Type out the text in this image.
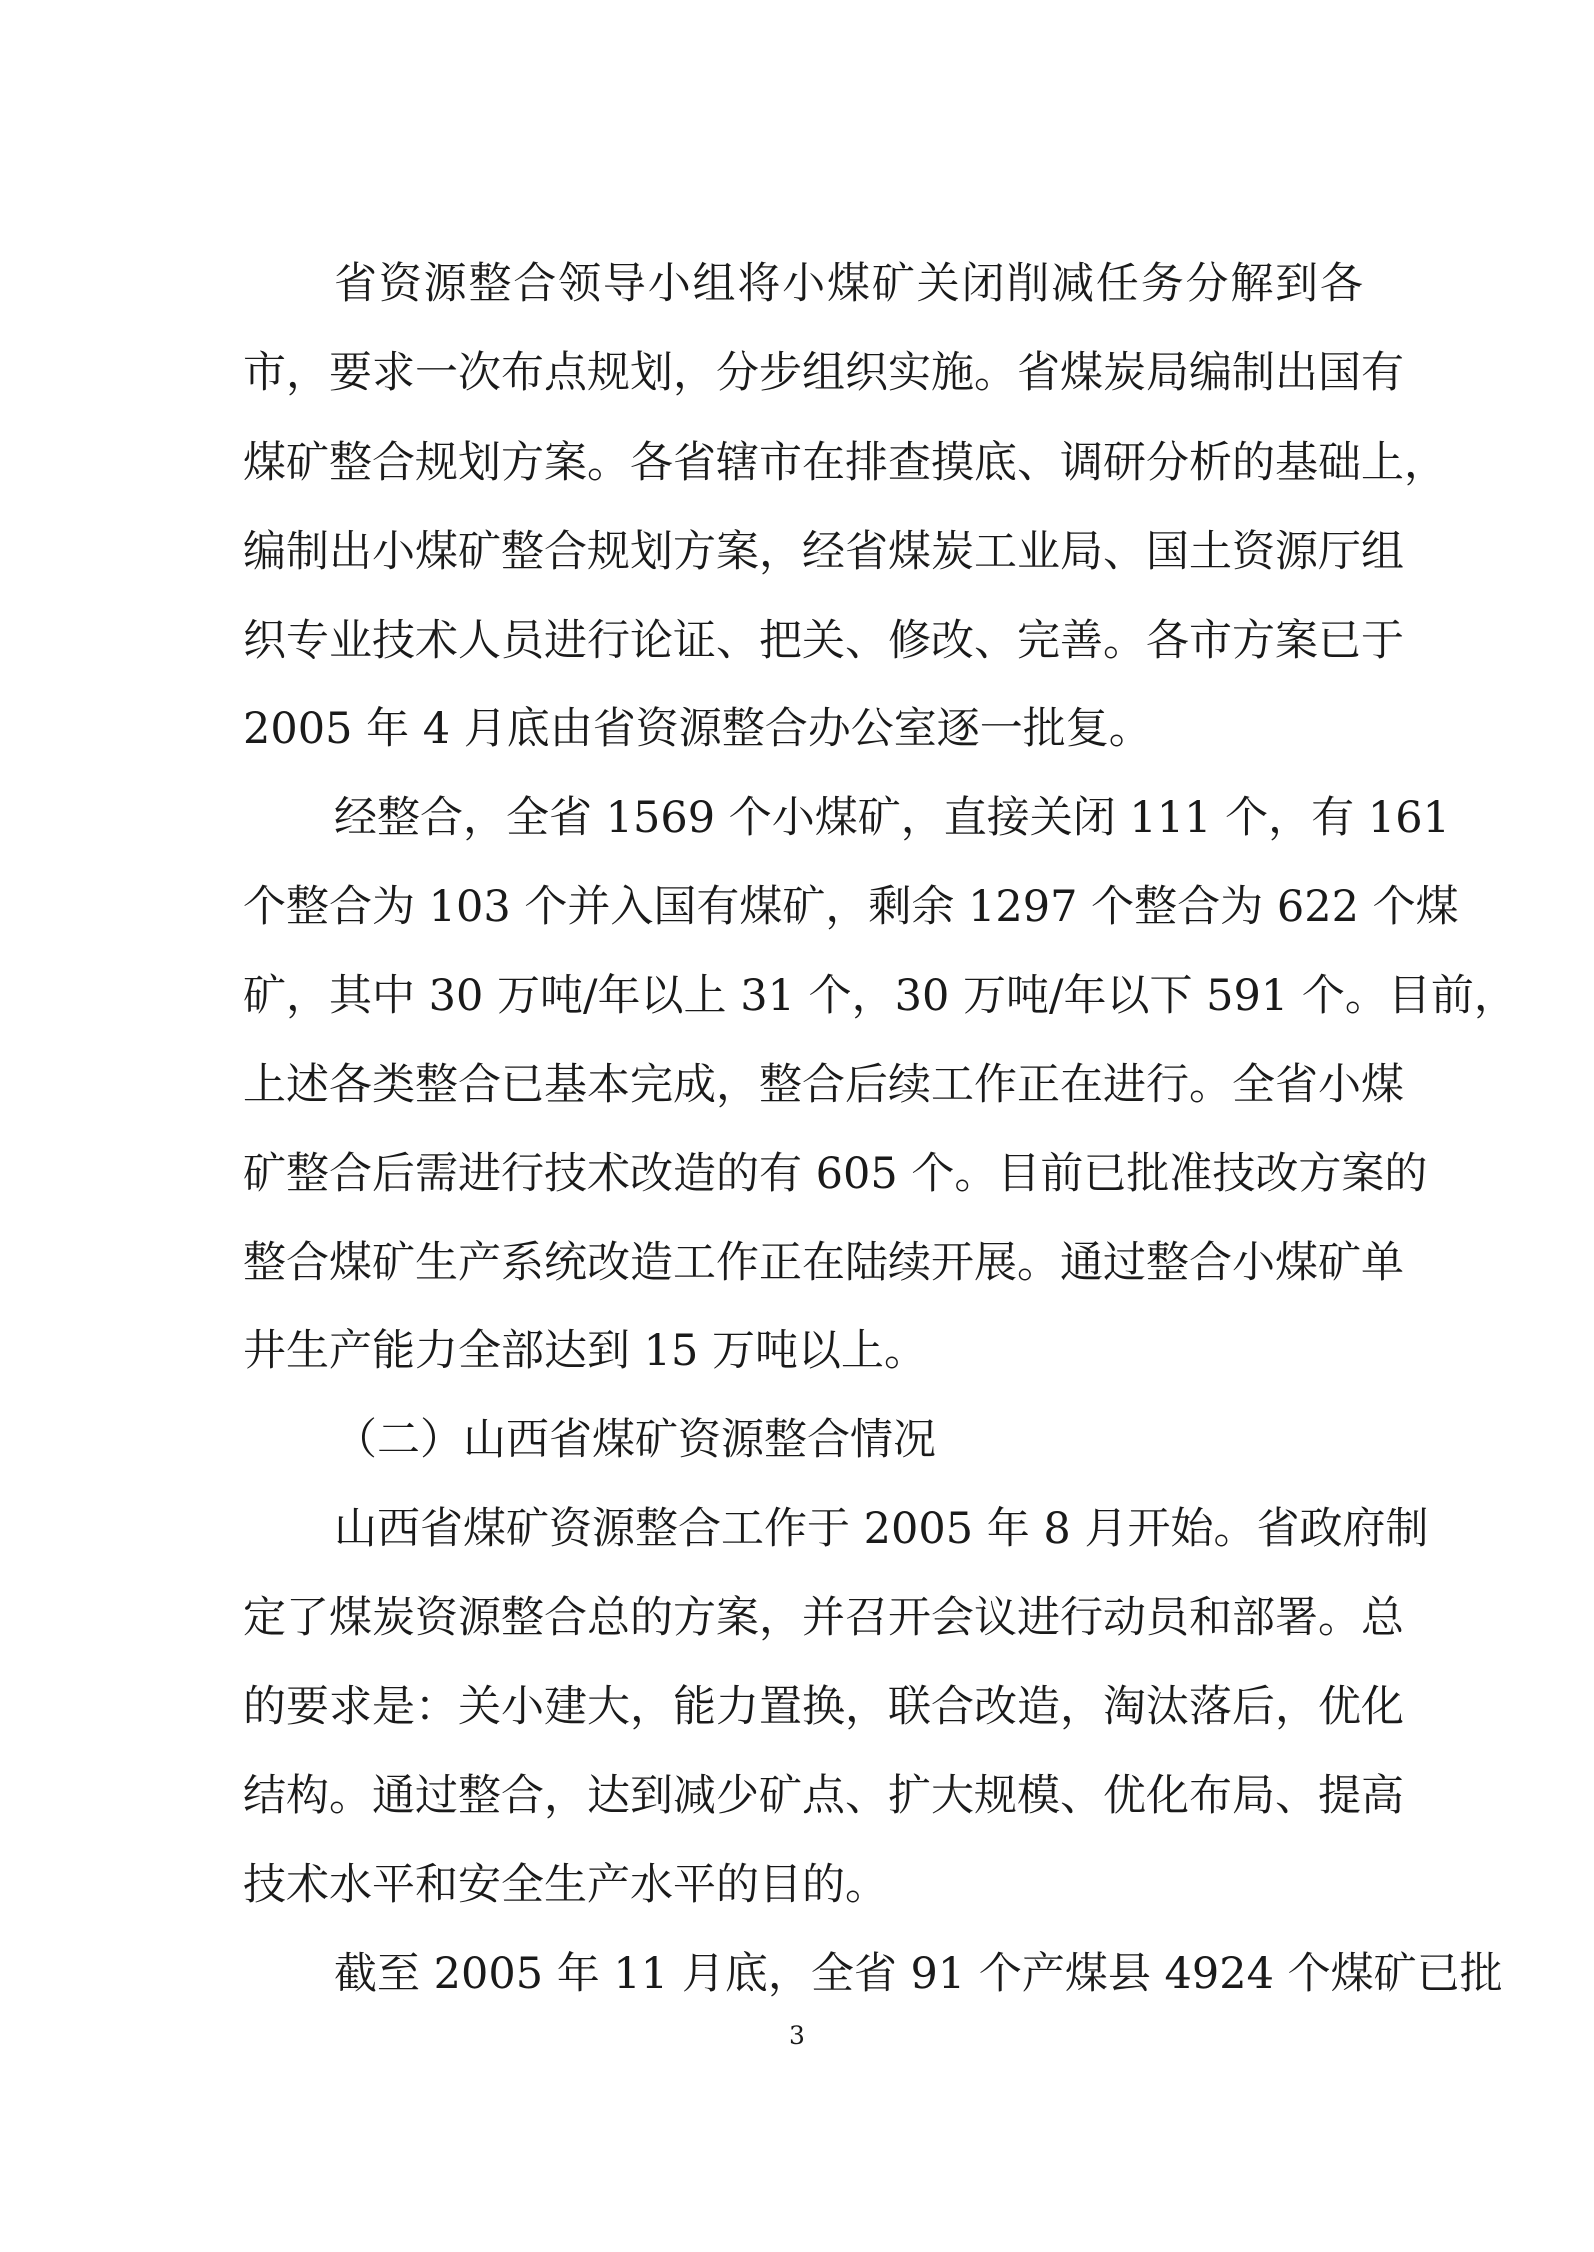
省资源整合领导小组将小煤矿关闭削减任务分解到各
市，要求一次布点规划，分步组织实施。省煤炭局编制出国有
煤矿整合规划方案。各省辖市在排查摸底、调研分析的基础上，
编制出小煤矿整合规划方案，经省煤炭工业局、国土资源厅组
织专业技术人员进行论证、把关、修改、完善。各市方案已于
2005 年 4 月底由省资源整合办公室逐一批复。
经整合，全省 1569 个小煤矿，直接关闭 111 个，有 161
个整合为 103 个并入国有煤矿，剩余 1297 个整合为 622 个煤
矿，其中 30 万吨/年以上 31 个，30 万吨/年以下 591 个。目前，
上述各类整合已基本完成，整合后续工作正在进行。全省小煤
矿整合后需进行技术改造的有 605 个。目前已批准技改方案的
整合煤矿生产系统改造工作正在陆续开展。通过整合小煤矿单
井生产能力全部达到 15 万吨以上。
（二）山西省煤矿资源整合情况
山西省煤矿资源整合工作于 2005 年 8 月开始。省政府制
定了煤炭资源整合总的方案，并召开会议进行动员和部署。总
的要求是：关小建大，能力置换，联合改造，淘汰落后，优化
结构。通过整合，达到减少矿点、扩大规模、优化布局、提高
技术水平和安全生产水平的目的。
截至 2005 年 11 月底，全省 91 个产煤县 4924 个煤矿已批
3
